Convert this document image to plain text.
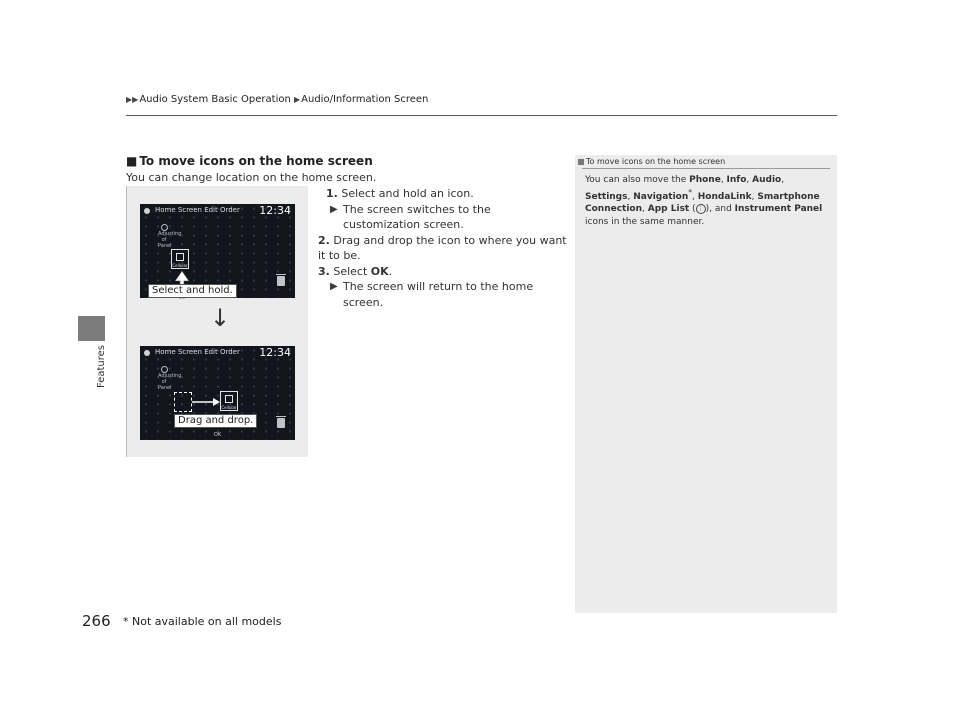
▶▶Audio System Basic Operation ▶Audio/Information Screen
Features
■ To move icons on the home screen
You can change location on the home screen.
1. Select and hold an icon.
▶ The screen switches to the customization screen.
2. Drag and drop the icon to where you want it to be.
3. Select OK.
▶ The screen will return to the home screen.
Home Screen Edit Order 12:34
Adjusting of Panel
Cellular
Select and hold.
↓
Home Screen Edit Order 12:34
Adjusting of Panel
Cellular
OK
Drag and drop.
To move icons on the home screen
You can also move the Phone, Info, Audio, Settings, Navigation*, HondaLink, Smartphone Connection, App List ( ⋮ ), and Instrument Panel icons in the same manner.
266 * Not available on all models
